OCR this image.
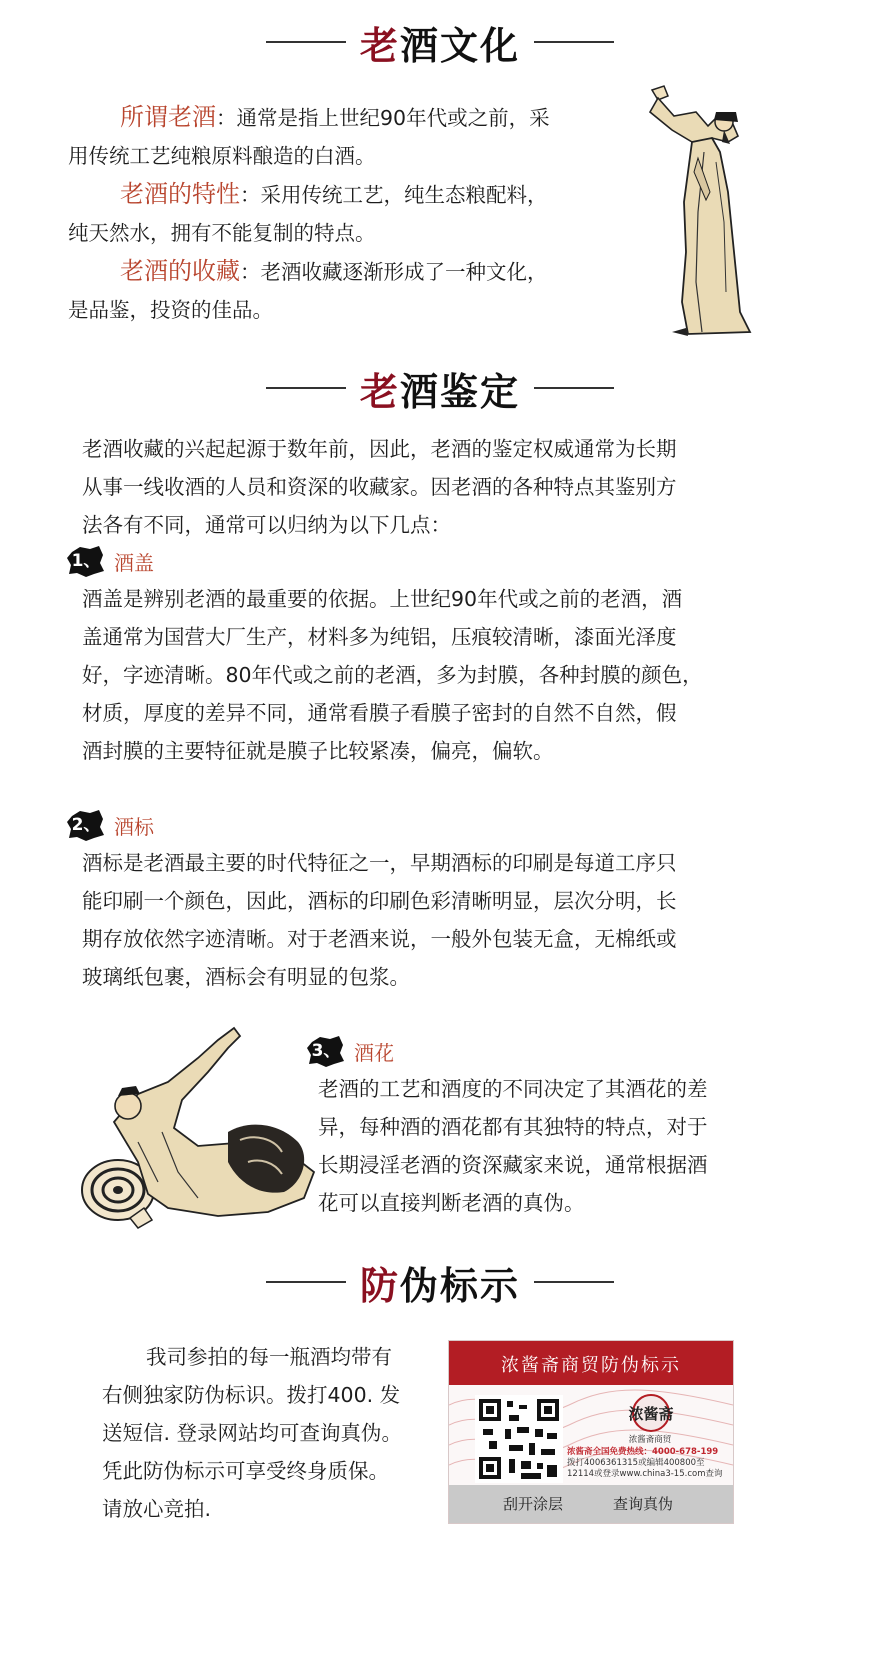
老酒文化
所谓老酒：通常是指上世纪90年代或之前，采
用传统工艺纯粮原料酿造的白酒。
老酒的特性：采用传统工艺，纯生态粮配料，
纯天然水，拥有不能复制的特点。
老酒的收藏：老酒收藏逐渐形成了一种文化，
是品鉴，投资的佳品。
老酒鉴定
老酒收藏的兴起起源于数年前，因此，老酒的鉴定权威通常为长期
从事一线收酒的人员和资深的收藏家。因老酒的各种特点其鉴别方
法各有不同，通常可以归纳为以下几点：
1、 酒盖
酒盖是辨别老酒的最重要的依据。上世纪90年代或之前的老酒，酒
盖通常为国营大厂生产，材料多为纯铝，压痕较清晰，漆面光泽度
好，字迹清晰。80年代或之前的老酒，多为封膜，各种封膜的颜色，
材质，厚度的差异不同，通常看膜子看膜子密封的自然不自然，假
酒封膜的主要特征就是膜子比较紧凑，偏亮，偏软。
2、 酒标
酒标是老酒最主要的时代特征之一，早期酒标的印刷是每道工序只
能印刷一个颜色，因此，酒标的印刷色彩清晰明显，层次分明，长
期存放依然字迹清晰。对于老酒来说，一般外包装无盒，无棉纸或
玻璃纸包裹，酒标会有明显的包浆。
3、 酒花
老酒的工艺和酒度的不同决定了其酒花的差
异，每种酒的酒花都有其独特的特点，对于
长期浸淫老酒的资深藏家来说，通常根据酒
花可以直接判断老酒的真伪。
防伪标示
我司参拍的每一瓶酒均带有
右侧独家防伪标识。拨打400. 发
送短信. 登录网站均可查询真伪。
凭此防伪标示可享受终身质保。
请放心竞拍.
浓酱斋商贸防伪标示
浓酱斋
浓酱斋商贸
浓酱斋全国免费热线：4000-678-199
拨打4006361315或编辑400800至
12114或登录www.china3-15.com查询
刮开涂层	查询真伪
